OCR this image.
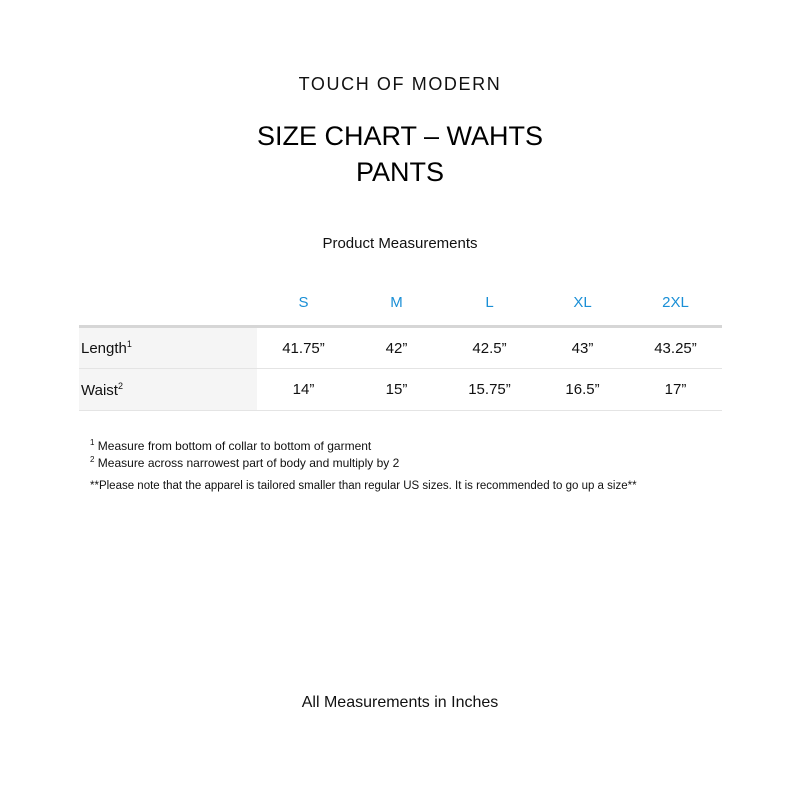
TOUCH OF MODERN
SIZE CHART – WAHTS
PANTS
Product Measurements
	S	M	L	XL	2XL
Length$^1$	41.75”	42”	42.5”	43”	43.25”
Waist$^2$	14”	15”	15.75”	16.5”	17”
$^1$ Measure from bottom of collar to bottom of garment
$^2$ Measure across narrowest part of body and multiply by 2
**Please note that the apparel is tailored smaller than regular US sizes. It is recommended to go up a size**
All Measurements in Inches
